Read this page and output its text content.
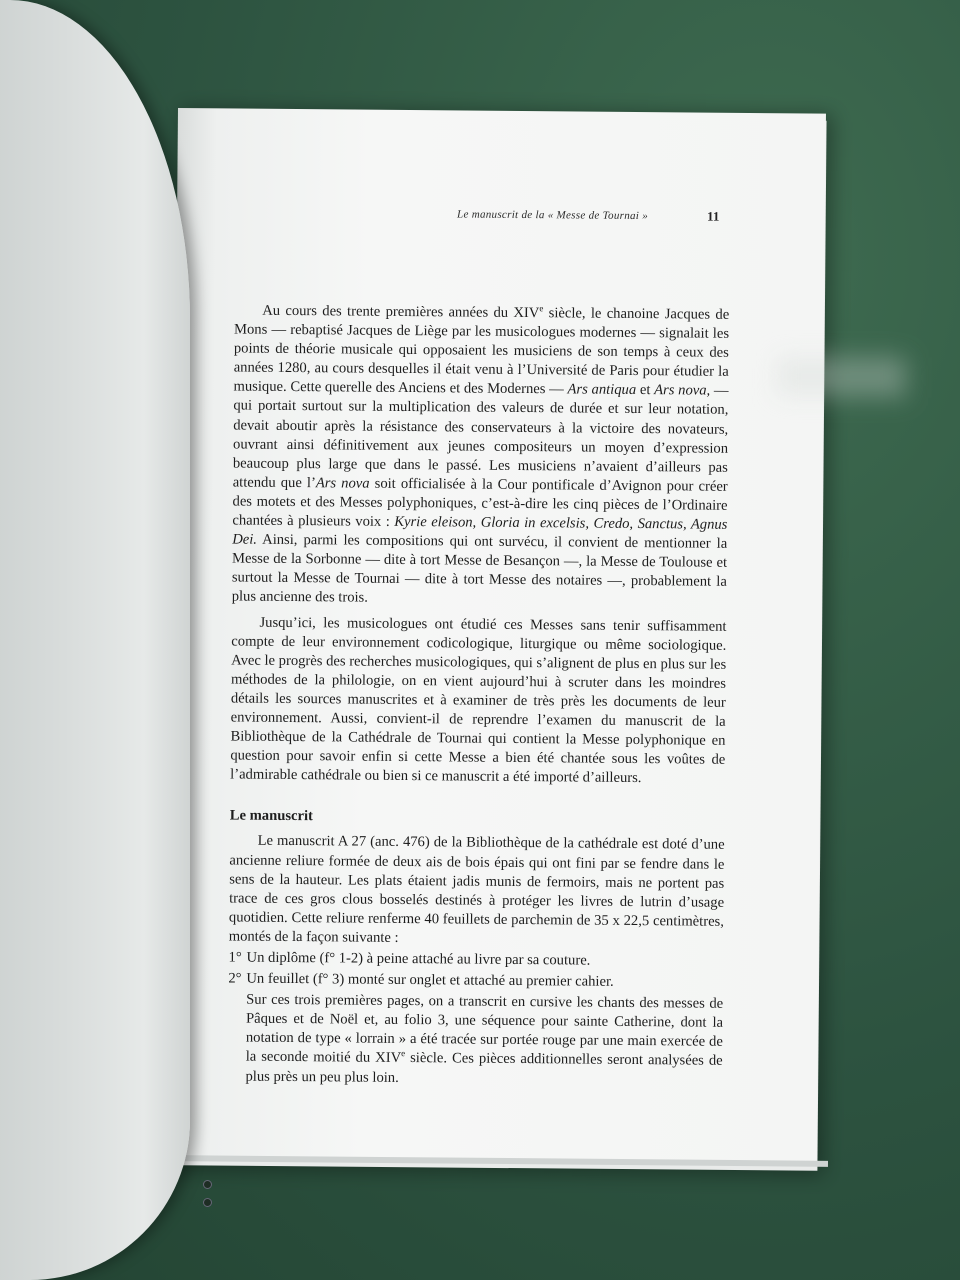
Le manuscrit de la « Messe de Tournai »	11

Au cours des trente premières années du XIVe siècle, le chanoine Jacques de Mons — rebaptisé Jacques de Liège par les musicologues modernes — signalait les points de théorie musicale qui opposaient les musiciens de son temps à ceux des années 1280, au cours desquelles il était venu à l’Université de Paris pour étudier la musique. Cette querelle des Anciens et des Modernes — Ars antiqua et Ars nova, — qui portait surtout sur la multiplication des valeurs de durée et sur leur notation, devait aboutir après la résistance des conservateurs à la victoire des novateurs, ouvrant ainsi définitivement aux jeunes compositeurs un moyen d’expression beaucoup plus large que dans le passé. Les musiciens n’avaient d’ailleurs pas attendu que l’Ars nova soit officialisée à la Cour pontificale d’Avignon pour créer des motets et des Messes polyphoniques, c’est-à-dire les cinq pièces de l’Ordinaire chantées à plusieurs voix : Kyrie eleison, Gloria in excelsis, Credo, Sanctus, Agnus Dei. Ainsi, parmi les compositions qui ont survécu, il convient de mentionner la Messe de la Sorbonne — dite à tort Messe de Besançon —, la Messe de Toulouse et surtout la Messe de Tournai — dite à tort Messe des notaires —, probablement la plus ancienne des trois.

Jusqu’ici, les musicologues ont étudié ces Messes sans tenir suffisamment compte de leur environnement codicologique, liturgique ou même sociologique. Avec le progrès des recherches musicologiques, qui s’alignent de plus en plus sur les méthodes de la philologie, on en vient aujourd’hui à scruter dans les moindres détails les sources manuscrites et à examiner de très près les documents de leur environnement. Aussi, convient-il de reprendre l’examen du manuscrit de la Bibliothèque de la Cathédrale de Tournai qui contient la Messe polyphonique en question pour savoir enfin si cette Messe a bien été chantée sous les voûtes de l’admirable cathédrale ou bien si ce manuscrit a été importé d’ailleurs.

Le manuscrit

Le manuscrit A 27 (anc. 476) de la Bibliothèque de la cathédrale est doté d’une ancienne reliure formée de deux ais de bois épais qui ont fini par se fendre dans le sens de la hauteur. Les plats étaient jadis munis de fermoirs, mais ne portent pas trace de ces gros clous bosselés destinés à protéger les livres de lutrin d’usage quotidien. Cette reliure renferme 40 feuillets de parchemin de 35 x 22,5 centimètres, montés de la façon suivante :

1° Un diplôme (f° 1-2) à peine attaché au livre par sa couture.
2° Un feuillet (f° 3) monté sur onglet et attaché au premier cahier.
Sur ces trois premières pages, on a transcrit en cursive les chants des messes de Pâques et de Noël et, au folio 3, une séquence pour sainte Catherine, dont la notation de type « lorrain » a été tracée sur portée rouge par une main exercée de la seconde moitié du XIVe siècle. Ces pièces additionnelles seront analysées de plus près un peu plus loin.
